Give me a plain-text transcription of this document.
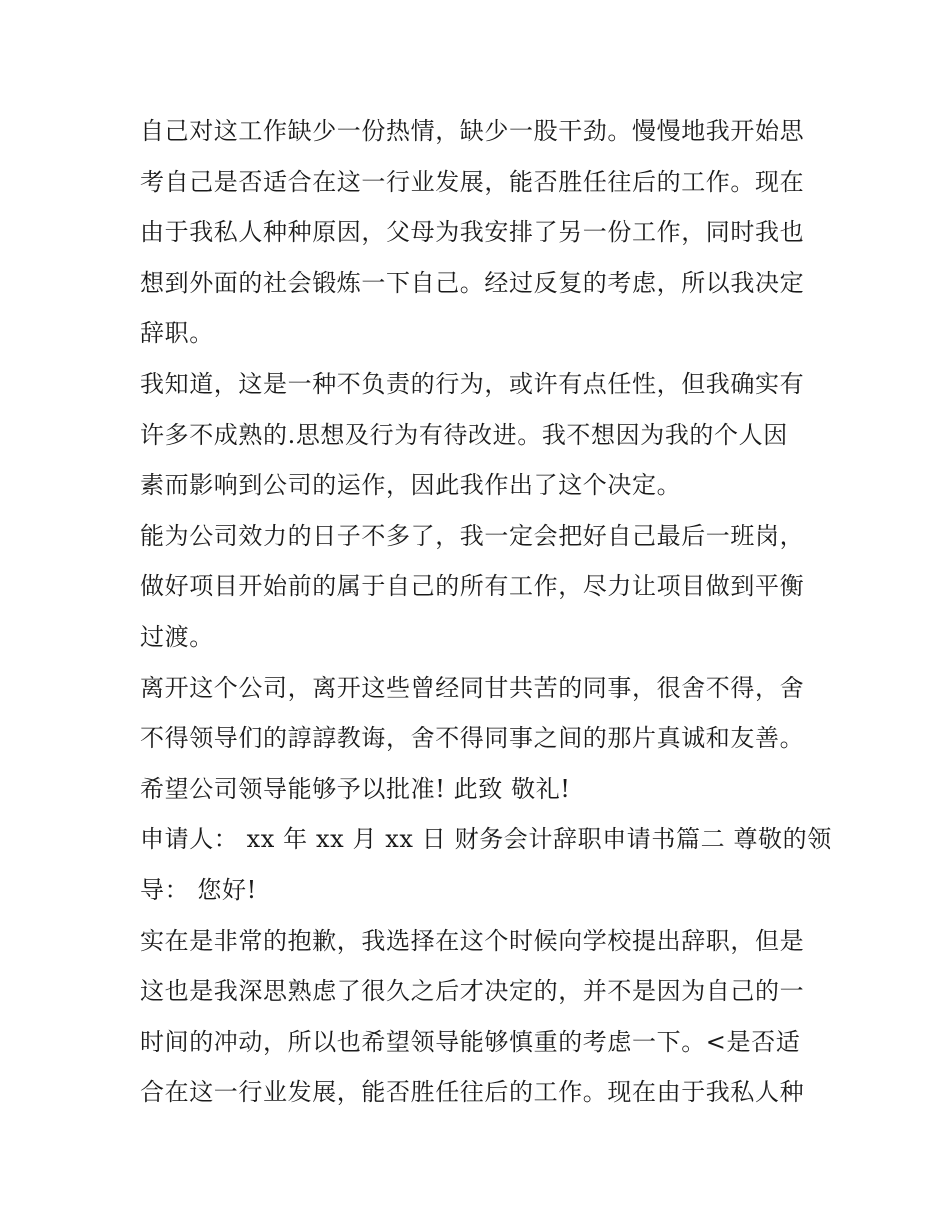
自己对这工作缺少一份热情，缺少一股干劲。慢慢地我开始思
考自己是否适合在这一行业发展，能否胜任往后的工作。现在
由于我私人种种原因，父母为我安排了另一份工作，同时我也
想到外面的社会锻炼一下自己。经过反复的考虑，所以我决定
辞职。
我知道，这是一种不负责的行为，或许有点任性，但我确实有
许多不成熟的.思想及行为有待改进。我不想因为我的个人因
素而影响到公司的运作，因此我作出了这个决定。
能为公司效力的日子不多了，我一定会把好自己最后一班岗，
做好项目开始前的属于自己的所有工作，尽力让项目做到平衡
过渡。
离开这个公司，离开这些曾经同甘共苦的同事，很舍不得，舍
不得领导们的諄諄教诲，舍不得同事之间的那片真诚和友善。
希望公司领导能够予以批准! 此致 敬礼!
申请人： xx 年 xx 月 xx 日 财务会计辞职申请书篇二 尊敬的领
导： 您好!
实在是非常的抱歉，我选择在这个时候向学校提出辞职，但是
这也是我深思熟虑了很久之后才决定的，并不是因为自己的一
时间的冲动，所以也希望领导能够慎重的考虑一下。<是否适
合在这一行业发展，能否胜任往后的工作。现在由于我私人种
